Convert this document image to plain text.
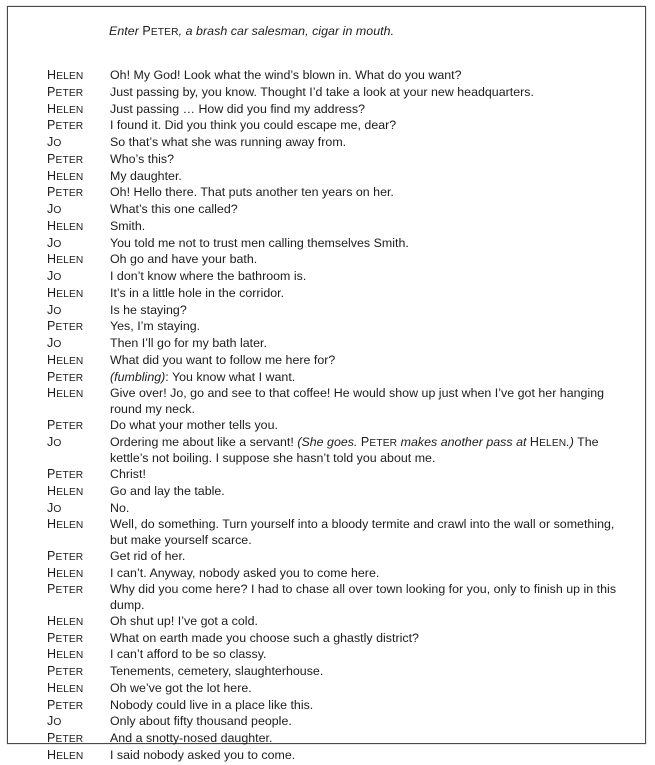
Enter PETER, a brash car salesman, cigar in mouth.
HELEN	Oh! My God! Look what the wind’s blown in. What do you want?
PETER	Just passing by, you know. Thought I’d take a look at your new headquarters.
HELEN	Just passing … How did you find my address?
PETER	I found it. Did you think you could escape me, dear?
JO	So that’s what she was running away from.
PETER	Who’s this?
HELEN	My daughter.
PETER	Oh! Hello there. That puts another ten years on her.
JO	What’s this one called?
HELEN	Smith.
JO	You told me not to trust men calling themselves Smith.
HELEN	Oh go and have your bath.
JO	I don’t know where the bathroom is.
HELEN	It’s in a little hole in the corridor.
JO	Is he staying?
PETER	Yes, I’m staying.
JO	Then I’ll go for my bath later.
HELEN	What did you want to follow me here for?
PETER	(fumbling): You know what I want.
HELEN	Give over! Jo, go and see to that coffee! He would show up just when I’ve got her hanging round my neck.
PETER	Do what your mother tells you.
JO	Ordering me about like a servant! (She goes. PETER makes another pass at HELEN.) The kettle’s not boiling. I suppose she hasn’t told you about me.
PETER	Christ!
HELEN	Go and lay the table.
JO	No.
HELEN	Well, do something. Turn yourself into a bloody termite and crawl into the wall or something, but make yourself scarce.
PETER	Get rid of her.
HELEN	I can’t. Anyway, nobody asked you to come here.
PETER	Why did you come here? I had to chase all over town looking for you, only to finish up in this dump.
HELEN	Oh shut up! I’ve got a cold.
PETER	What on earth made you choose such a ghastly district?
HELEN	I can’t afford to be so classy.
PETER	Tenements, cemetery, slaughterhouse.
HELEN	Oh we’ve got the lot here.
PETER	Nobody could live in a place like this.
JO	Only about fifty thousand people.
PETER	And a snotty-nosed daughter.
HELEN	I said nobody asked you to come.
